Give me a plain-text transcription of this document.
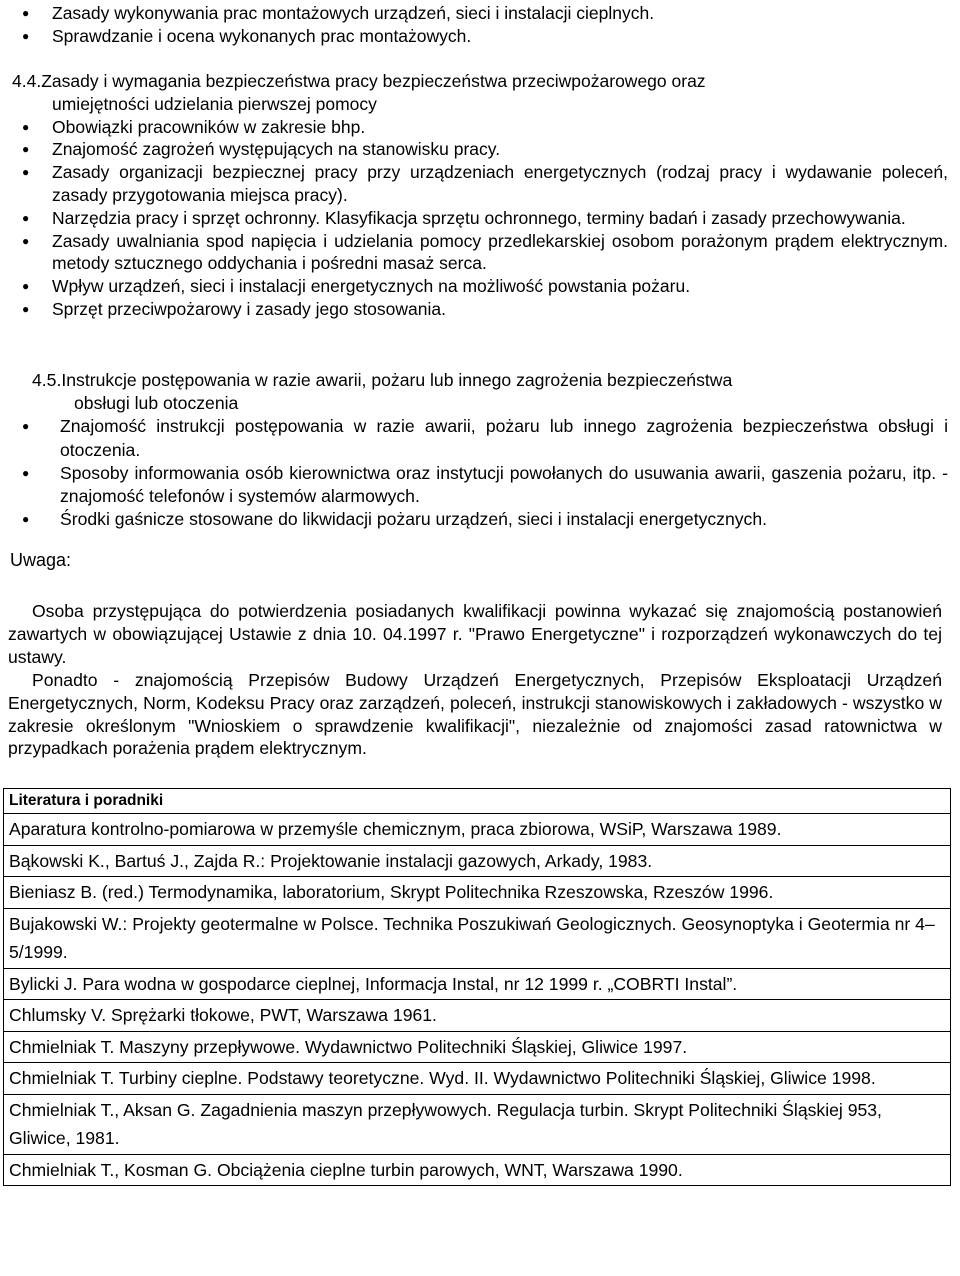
● Zasady wykonywania prac montażowych urządzeń, sieci i instalacji cieplnych.
● Sprawdzanie i ocena wykonanych prac montażowych.
4.4.Zasady i wymagania bezpieczeństwa pracy bezpieczeństwa przeciwpożarowego oraz
umiejętności udzielania pierwszej pomocy
● Obowiązki pracowników w zakresie bhp.
● Znajomość zagrożeń występujących na stanowisku pracy.
● Zasady organizacji bezpiecznej pracy przy urządzeniach energetycznych (rodzaj pracy i wydawanie poleceń, zasady przygotowania miejsca pracy).
● Narzędzia pracy i sprzęt ochronny. Klasyfikacja sprzętu ochronnego, terminy badań i zasady przechowywania.
● Zasady uwalniania spod napięcia i udzielania pomocy przedlekarskiej osobom porażonym prądem elektrycznym. metody sztucznego oddychania i pośredni masaż serca.
● Wpływ urządzeń, sieci i instalacji energetycznych na możliwość powstania pożaru.
● Sprzęt przeciwpożarowy i zasady jego stosowania.
4.5.Instrukcje postępowania w razie awarii, pożaru lub innego zagrożenia bezpieczeństwa
obsługi lub otoczenia
● Znajomość instrukcji postępowania w razie awarii, pożaru lub innego zagrożenia bezpieczeństwa obsługi i otoczenia.
● Sposoby informowania osób kierownictwa oraz instytucji powołanych do usuwania awarii, gaszenia pożaru, itp. - znajomość telefonów i systemów alarmowych.
● Środki gaśnicze stosowane do likwidacji pożaru urządzeń, sieci i instalacji energetycznych.
Uwaga:

Osoba przystępująca do potwierdzenia posiadanych kwalifikacji powinna wykazać się znajomością postanowień zawartych w obowiązującej Ustawie z dnia 10. 04.1997 r. "Prawo Energetyczne" i rozporządzeń wykonawczych do tej ustawy.

Ponadto - znajomością Przepisów Budowy Urządzeń Energetycznych, Przepisów Eksploatacji Urządzeń Energetycznych, Norm, Kodeksu Pracy oraz zarządzeń, poleceń, instrukcji stanowiskowych i zakładowych - wszystko w zakresie określonym "Wnioskiem o sprawdzenie kwalifikacji", niezależnie od znajomości zasad ratownictwa w przypadkach porażenia prądem elektrycznym.

Literatura i poradniki
Aparatura kontrolno-pomiarowa w przemyśle chemicznym, praca zbiorowa, WSiP, Warszawa 1989.
Bąkowski K., Bartuś J., Zajda R.: Projektowanie instalacji gazowych, Arkady, 1983.
Bieniasz B. (red.) Termodynamika, laboratorium, Skrypt Politechnika Rzeszowska, Rzeszów 1996.
Bujakowski W.: Projekty geotermalne w Polsce. Technika Poszukiwań Geologicznych. Geosynoptyka i Geotermia nr 4–5/1999.
Bylicki J. Para wodna w gospodarce cieplnej, Informacja Instal, nr 12 1999 r. „COBRTI Instal”.
Chlumsky V. Sprężarki tłokowe, PWT, Warszawa 1961.
Chmielniak T. Maszyny przepływowe. Wydawnictwo Politechniki Śląskiej, Gliwice 1997.
Chmielniak T. Turbiny cieplne. Podstawy teoretyczne. Wyd. II. Wydawnictwo Politechniki Śląskiej, Gliwice 1998.
Chmielniak T., Aksan G. Zagadnienia maszyn przepływowych. Regulacja turbin. Skrypt Politechniki Śląskiej 953, Gliwice, 1981.
Chmielniak T., Kosman G. Obciążenia cieplne turbin parowych, WNT, Warszawa 1990.
